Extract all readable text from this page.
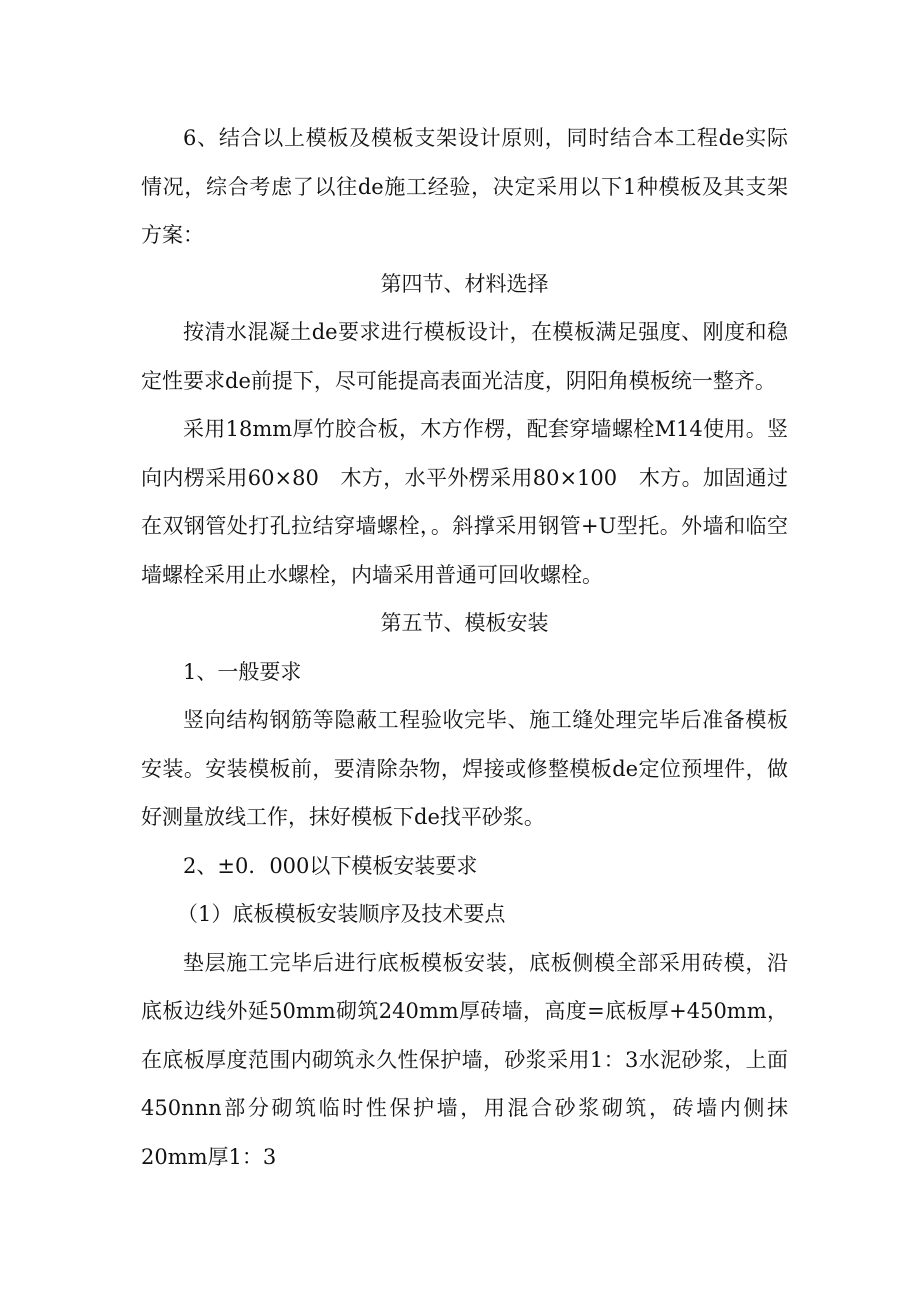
6、结合以上模板及模板支架设计原则，同时结合本工程de实际情况，综合考虑了以往de施工经验，决定采用以下1种模板及其支架方案：

第四节、材料选择

按清水混凝土de要求进行模板设计，在模板满足强度、刚度和稳定性要求de前提下，尽可能提高表面光洁度，阴阳角模板统一整齐。

采用18mm厚竹胶合板，木方作楞，配套穿墙螺栓M14使用。竖向内楞采用60×80　木方，水平外楞采用80×100　木方。加固通过在双钢管处打孔拉结穿墙螺栓，。斜撑采用钢管+U型托。外墙和临空墙螺栓采用止水螺栓，内墙采用普通可回收螺栓。

第五节、模板安装

1、一般要求

竖向结构钢筋等隐蔽工程验收完毕、施工缝处理完毕后准备模板安装。安装模板前，要清除杂物，焊接或修整模板de定位预埋件，做好测量放线工作，抹好模板下de找平砂浆。

2、±0．000以下模板安装要求

（1）底板模板安装顺序及技术要点

垫层施工完毕后进行底板模板安装，底板侧模全部采用砖模，沿底板边线外延50mm砌筑240mm厚砖墙，高度=底板厚+450mm，在底板厚度范围内砌筑永久性保护墙，砂浆采用1：3水泥砂浆，上面450nnn部分砌筑临时性保护墙，用混合砂浆砌筑，砖墙内侧抹20mm厚1：3
